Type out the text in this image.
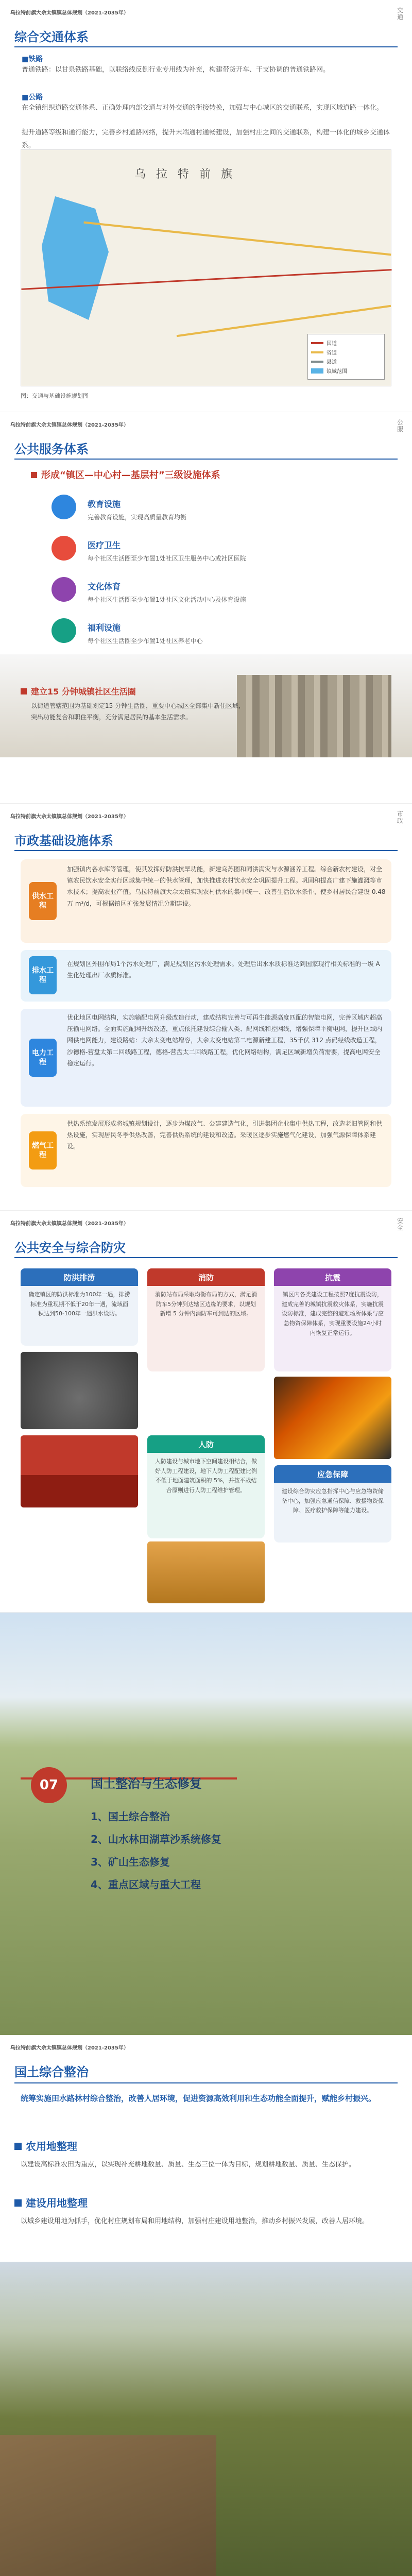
乌拉特前旗大佘太镇镇总体规划（2021-2035年）	交通
综合交通体系
■铁路
普通铁路：以甘泉铁路基础，以联络线反倒行业专用线为补充，构建带货开车、干支协调的普通铁路网。
■公路
在全镇组织道路交通体系、正确处理内部交通与对外交通的衔接转换，加强与中心城区的交通联系，实现区域道路一体化。
提升道路等级和通行能力，完善乡村道路网络，提升末端通村通畅建设，加强村庄之间的交通联系，构建一体化的城乡交通体系。
乌拉特前旗
国道
省道
县道
镇域范围
图：交通与基础设施规划图
乌拉特前旗大佘太镇镇总体规划（2021-2035年）	公服
公共服务体系
形成“镇区—中心村—基层村”三级设施体系
教育设施
完善教育设施，实现高质量教育均衡
医疗卫生
每个社区生活圈至少布置1处社区卫生服务中心或社区医院
文化体育
每个社区生活圈至少布置1处社区文化活动中心及体育设施
福利设施
每个社区生活圈至少布置1处社区养老中心
建立15 分钟城镇社区生活圈
以街道管辖范围为基础划定15 分钟生活圈，重要中心城区全部集中新住区域，突出功能复合和职住平衡，充分满足居民的基本生活需求。
乌拉特前旗大佘太镇镇总体规划（2021-2035年）	市政
市政基础设施体系
供水工程
加强镇内各水库等管理，使其发挥好防洪抗旱功能，新建乌苏图和同洪满灾与水源涵养工程。综合新农村建设，对全镇农民饮水安全实行区域集中统一的供水管理，加快推进农村饮水安全巩固提升工程。巩固和提高广建下施灌溉等市水技术；提高农业产值。乌拉特前旗大佘太镇实现农村供水的集中统一、改善生活饮水条件，使乡村居民合建设 0.48万 m³/d，可根据镇区扩张发展情况分期建设。
排水工程
在规划区外围布局1个污水处理厂，满足规划区污水处理需求。处理后出水水质标准达到国家现行相关标准的一级 A 生化处理出厂水质标准。
电力工程
优化地区电网结构，实施输配电网升级改造行动，建成结构完善与可再生能源高度匹配的智能电网，完善区域内超高压输电网络。全面实施配网升级改造，重点依托建设综合输入类、配网线和控网线，增强保障平衡电网，提升区域内网供电网能力，建设路站：大佘太变电站增容，大佘太变电站第二电源新建工程，35千伏 312 点码经线改造工程，沙德格-营盘太第二回线路工程，德格-营盘太二回线路工程，优化网络结构，满足区域新增负荷需要，提高电网安全稳定运行。
燃气工程
供热系统发展形成将城镇规划设计，逐步为煤改气、公建建造气化，引进集团企业集中供热工程，改造老旧管网和供热设施，实现居民冬季供热改善，完善供热系统的建设和改造。采暖区逐步实施燃气化建设，加强气源保障体系建设。
乌拉特前旗大佘太镇镇总体规划（2021-2035年）	安全
公共安全与综合防灾
防洪排涝
确定镇区的防洪标准为100年一遇，排涝标准为重现期不低于20年一遇，流域面积达到50-100年一遇洪水设防。
消防
消防站布局采取均衡布局的方式，满足消防车5分钟到达辖区边缘的要求，以规划新增 5 分钟内消防车可到达的区域。
抗震
镇区内各类建设工程按照7度抗震设防，建成完善的城镇抗震救灾体系，实施抗震设防标准，建成完整的避难场所体系与应急物资保障体系，实现重要设施24小时内恢复正常运行。
人防
人防建设与城市地下空间建设相结合，做好人防工程建设，地下人防工程配建比例不低于地面建筑面积的 5%，并按平战结合原则进行人防工程维护管理。
应急保障
建设综合防灾应急指挥中心与应急物资储备中心，加强应急通信保障、救援物资保障、医疗救护保障等能力建设。
07	国土整治与生态修复
1、国土综合整治
2、山水林田湖草沙系统修复
3、矿山生态修复
4、重点区域与重大工程
乌拉特前旗大佘太镇镇总体规划（2021-2035年）
国土综合整治
统筹实施田水路林村综合整治，改善人居环境，促进资源高效利用和生态功能全面提升，赋能乡村振兴。
农用地整理
以建设高标准农田为重点，以实现补充耕地数量、质量、生态三位一体为目标，规划耕地数量、质量、生态保护。
建设用地整理
以城乡建设用地为抓手，优化村庄规划布局和用地结构，加强村庄建设用地整治，推动乡村振兴发展，改善人居环境。
